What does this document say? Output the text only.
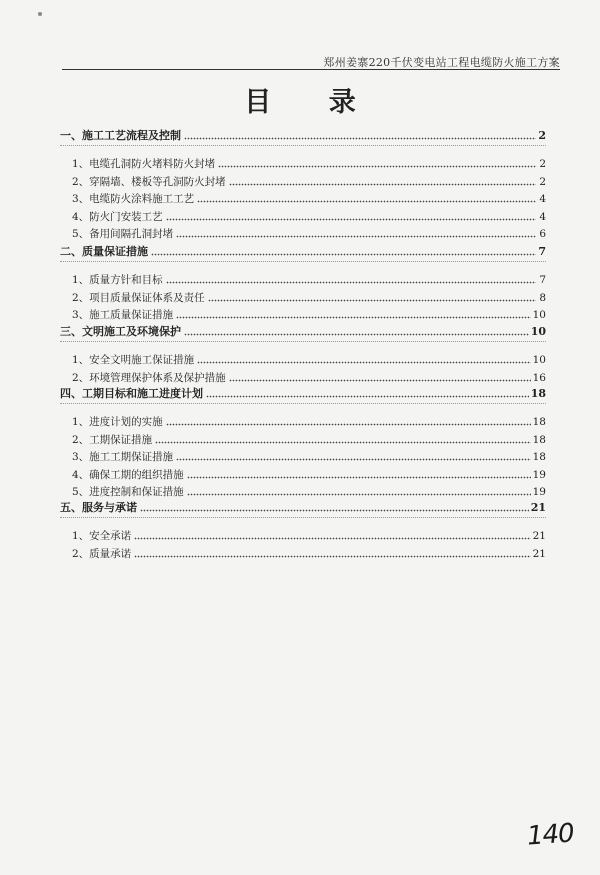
郑州姜寨220千伏变电站工程电缆防火施工方案
目 录
一、施工工艺流程及控制	2
1、电缆孔洞防火堵料防火封堵	2
2、穿隔墙、楼板等孔洞防火封堵	2
3、电缆防火涂料施工工艺	4
4、防火门安装工艺	4
5、备用间隔孔洞封堵	6
二、质量保证措施	7
1、质量方针和目标	7
2、项目质量保证体系及责任	8
3、施工质量保证措施	10
三、文明施工及环境保护	10
1、安全文明施工保证措施	10
2、环境管理保护体系及保护措施	16
四、工期目标和施工进度计划	18
1、进度计划的实施	18
2、工期保证措施	18
3、施工工期保证措施	18
4、确保工期的组织措施	19
5、进度控制和保证措施	19
五、服务与承诺	21
1、安全承诺	21
2、质量承诺	21
140
